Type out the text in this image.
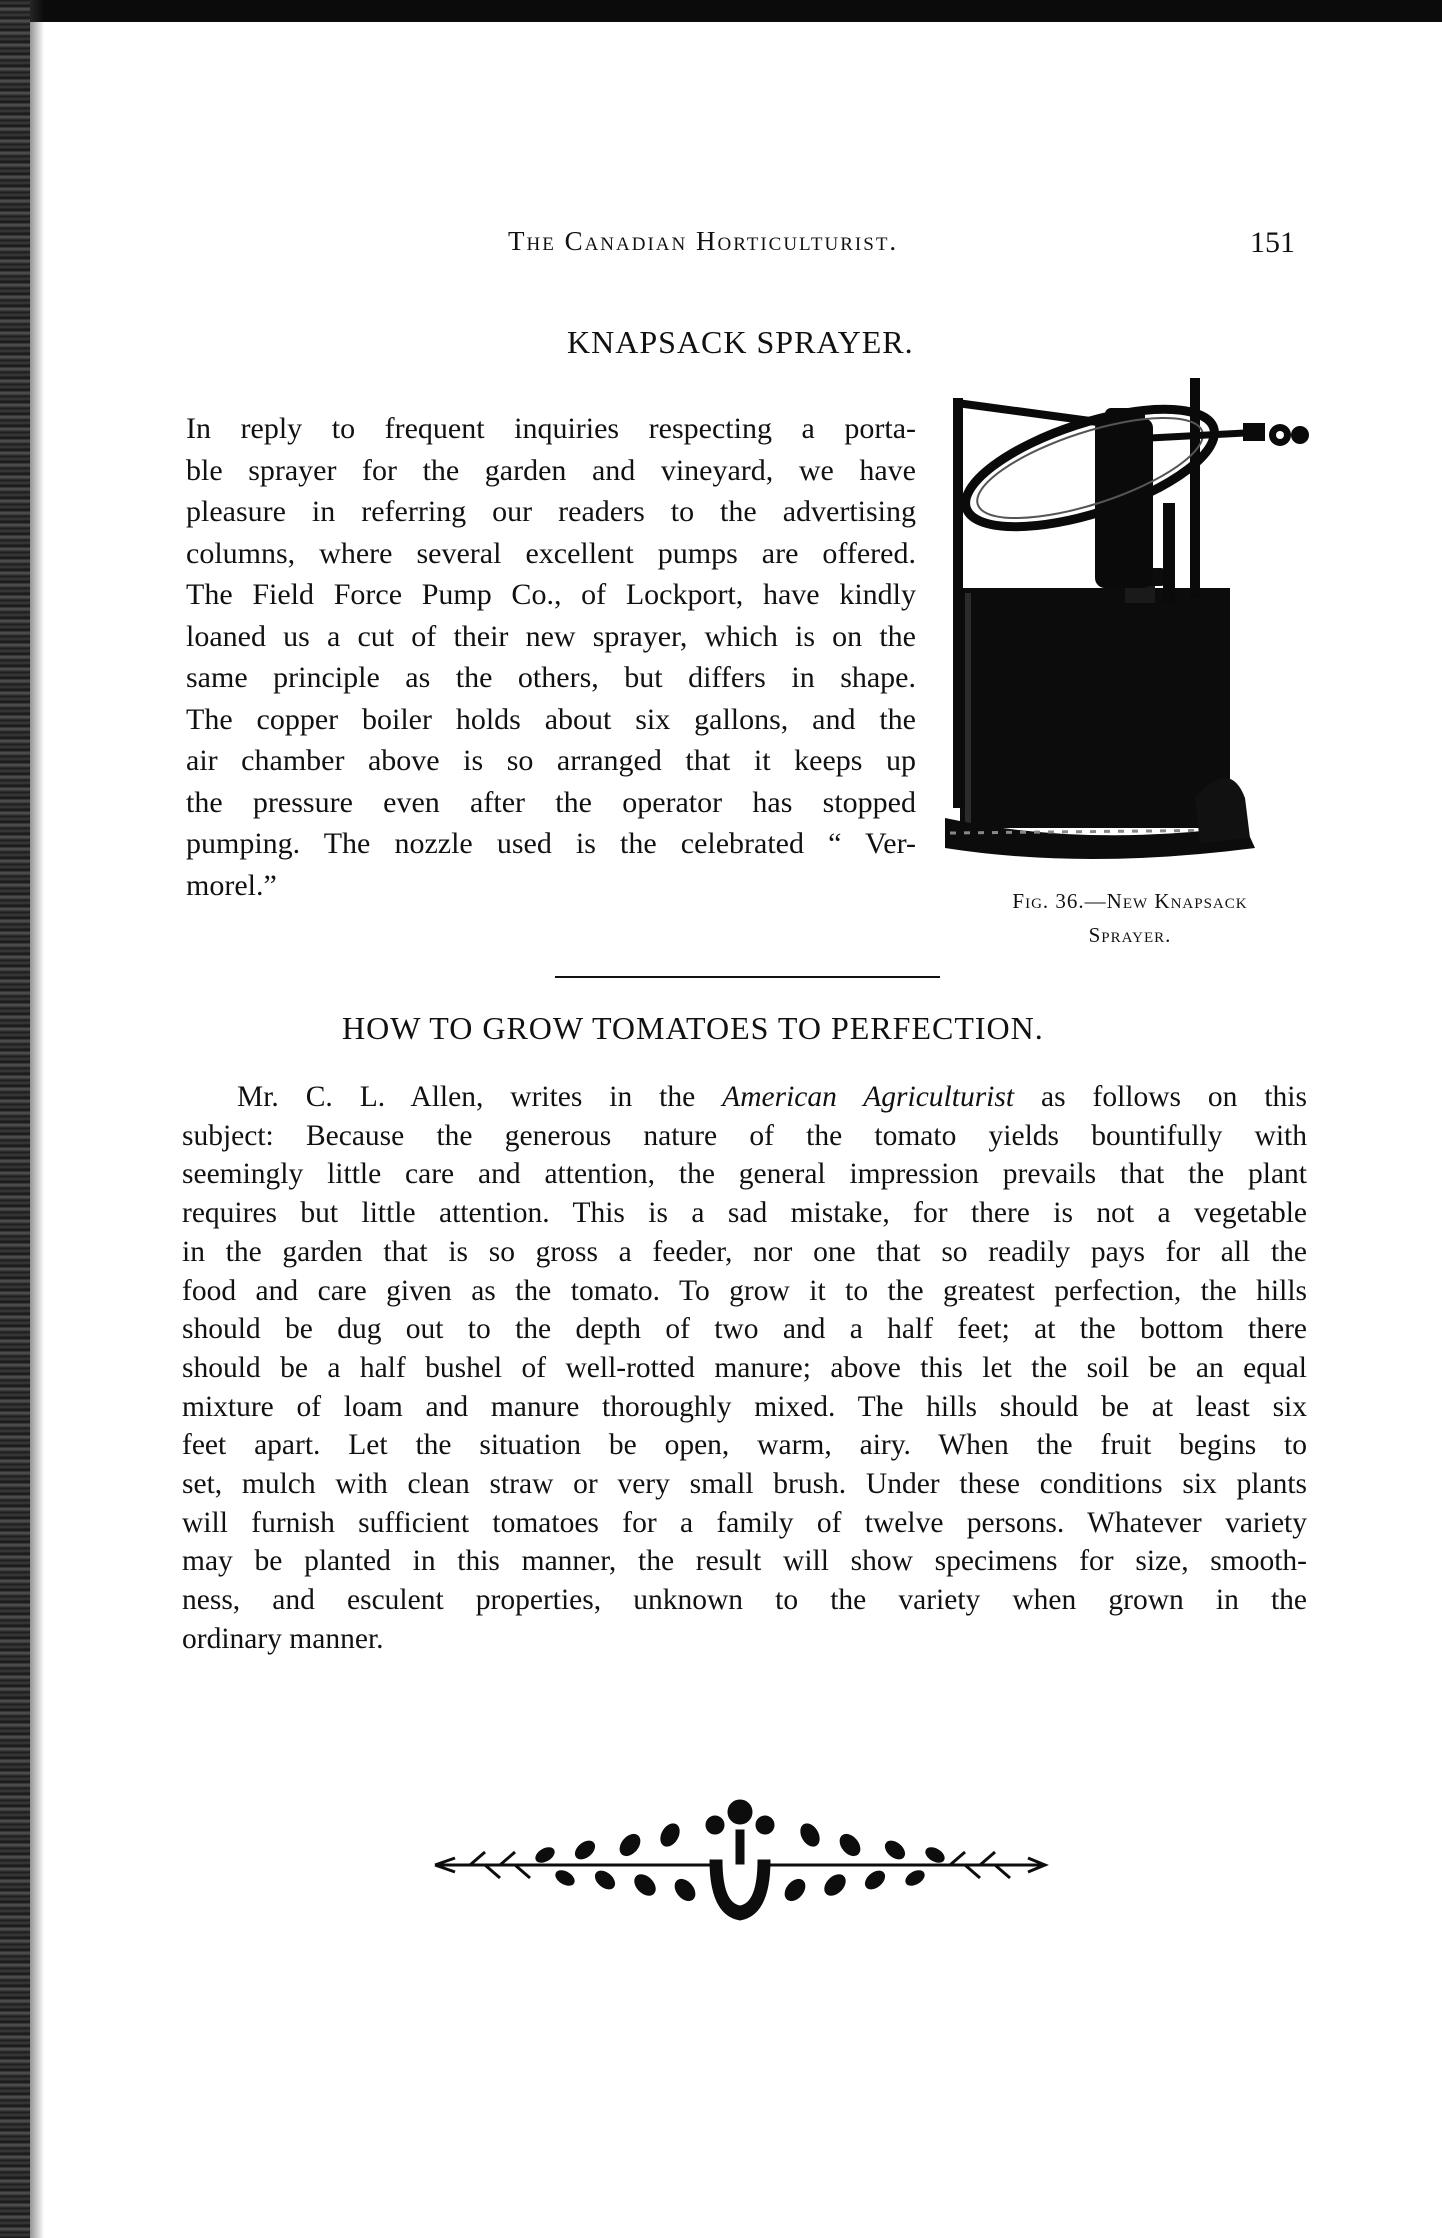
The Canadian Horticulturist.	151
KNAPSACK SPRAYER.
In reply to frequent inquiries respecting a porta-
ble sprayer for the garden and vineyard, we have
pleasure in referring our readers to the advertising
columns, where several excellent pumps are offered.
The Field Force Pump Co., of Lockport, have kindly
loaned us a cut of their new sprayer, which is on the
same principle as the others, but differs in shape.
The copper boiler holds about six gallons, and the
air chamber above is so arranged that it keeps up
the pressure even after the operator has stopped
pumping. The nozzle used is the celebrated “ Ver-
morel.”	Fig. 36.—New Knapsack
Sprayer.
HOW TO GROW TOMATOES TO PERFECTION.
Mr. C. L. Allen, writes in the American Agriculturist as follows on this
subject: Because the generous nature of the tomato yields bountifully with
seemingly little care and attention, the general impression prevails that the plant
requires but little attention. This is a sad mistake, for there is not a vegetable
in the garden that is so gross a feeder, nor one that so readily pays for all the
food and care given as the tomato. To grow it to the greatest perfection, the hills
should be dug out to the depth of two and a half feet; at the bottom there
should be a half bushel of well-rotted manure; above this let the soil be an equal
mixture of loam and manure thoroughly mixed. The hills should be at least six
feet apart. Let the situation be open, warm, airy. When the fruit begins to
set, mulch with clean straw or very small brush. Under these conditions six plants
will furnish sufficient tomatoes for a family of twelve persons. Whatever variety
may be planted in this manner, the result will show specimens for size, smooth-
ness, and esculent properties, unknown to the variety when grown in the
ordinary manner.
